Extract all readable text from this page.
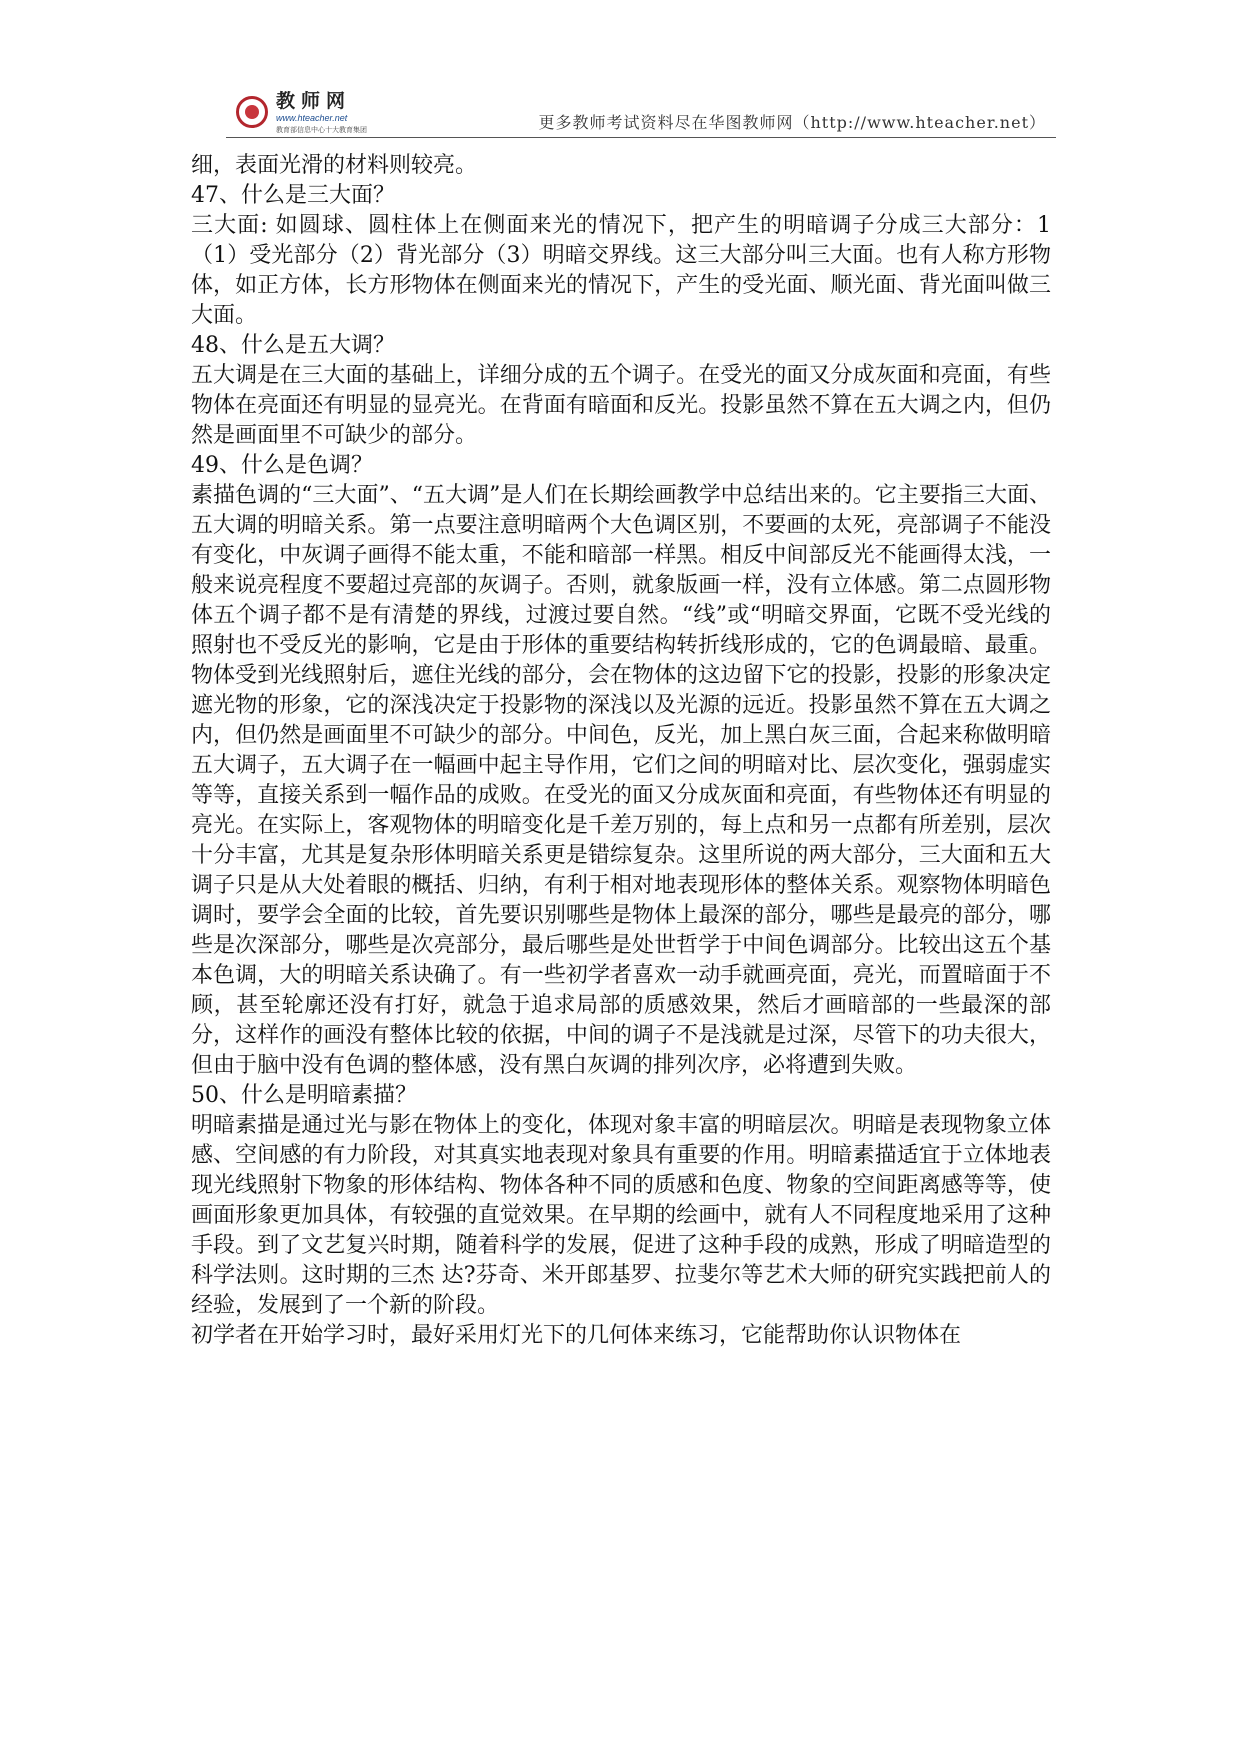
教师网
www.hteacher.net
教育部信息中心十大教育集团	更多教师考试资料尽在华图教师网（http://www.hteacher.net）

细，表面光滑的材料则较亮。

47、什么是三大面？

三大面: 如圆球、圆柱体上在侧面来光的情况下，把产生的明暗调子分成三大部分：1（1）受光部分（2）背光部分（3）明暗交界线。这三大部分叫三大面。也有人称方形物体，如正方体，长方形物体在侧面来光的情况下，产生的受光面、顺光面、背光面叫做三大面。

48、什么是五大调？

五大调是在三大面的基础上，详细分成的五个调子。在受光的面又分成灰面和亮面，有些物体在亮面还有明显的显亮光。在背面有暗面和反光。投影虽然不算在五大调之内，但仍然是画面里不可缺少的部分。

49、什么是色调？

素描色调的“三大面”、“五大调”是人们在长期绘画教学中总结出来的。它主要指三大面、五大调的明暗关系。第一点要注意明暗两个大色调区别，不要画的太死，亮部调子不能没有变化，中灰调子画得不能太重，不能和暗部一样黑。相反中间部反光不能画得太浅，一般来说亮程度不要超过亮部的灰调子。否则，就象版画一样，没有立体感。第二点圆形物体五个调子都不是有清楚的界线，过渡过要自然。“线”或“明暗交界面，它既不受光线的照射也不受反光的影响，它是由于形体的重要结构转折线形成的，它的色调最暗、最重。物体受到光线照射后，遮住光线的部分，会在物体的这边留下它的投影，投影的形象决定遮光物的形象，它的深浅决定于投影物的深浅以及光源的远近。投影虽然不算在五大调之内，但仍然是画面里不可缺少的部分。中间色，反光，加上黑白灰三面，合起来称做明暗五大调子，五大调子在一幅画中起主导作用，它们之间的明暗对比、层次变化，强弱虚实等等，直接关系到一幅作品的成败。在受光的面又分成灰面和亮面，有些物体还有明显的亮光。在实际上，客观物体的明暗变化是千差万别的，每上点和另一点都有所差别，层次十分丰富，尤其是复杂形体明暗关系更是错综复杂。这里所说的两大部分，三大面和五大调子只是从大处着眼的概括、归纳，有利于相对地表现形体的整体关系。观察物体明暗色调时，要学会全面的比较，首先要识别哪些是物体上最深的部分，哪些是最亮的部分，哪些是次深部分，哪些是次亮部分，最后哪些是处世哲学于中间色调部分。比较出这五个基本色调，大的明暗关系诀确了。有一些初学者喜欢一动手就画亮面，亮光，而置暗面于不顾，甚至轮廓还没有打好，就急于追求局部的质感效果，然后才画暗部的一些最深的部分，这样作的画没有整体比较的依据，中间的调子不是浅就是过深，尽管下的功夫很大，但由于脑中没有色调的整体感，没有黑白灰调的排列次序，必将遭到失败。

50、什么是明暗素描？

明暗素描是通过光与影在物体上的变化，体现对象丰富的明暗层次。明暗是表现物象立体感、空间感的有力阶段，对其真实地表现对象具有重要的作用。明暗素描适宜于立体地表现光线照射下物象的形体结构、物体各种不同的质感和色度、物象的空间距离感等等，使画面形象更加具体，有较强的直觉效果。在早期的绘画中，就有人不同程度地采用了这种手段。到了文艺复兴时期，随着科学的发展，促进了这种手段的成熟，形成了明暗造型的科学法则。这时期的三杰 达?芬奇、米开郎基罗、拉斐尔等艺术大师的研究实践把前人的经验，发展到了一个新的阶段。

初学者在开始学习时，最好采用灯光下的几何体来练习，它能帮助你认识物体在
